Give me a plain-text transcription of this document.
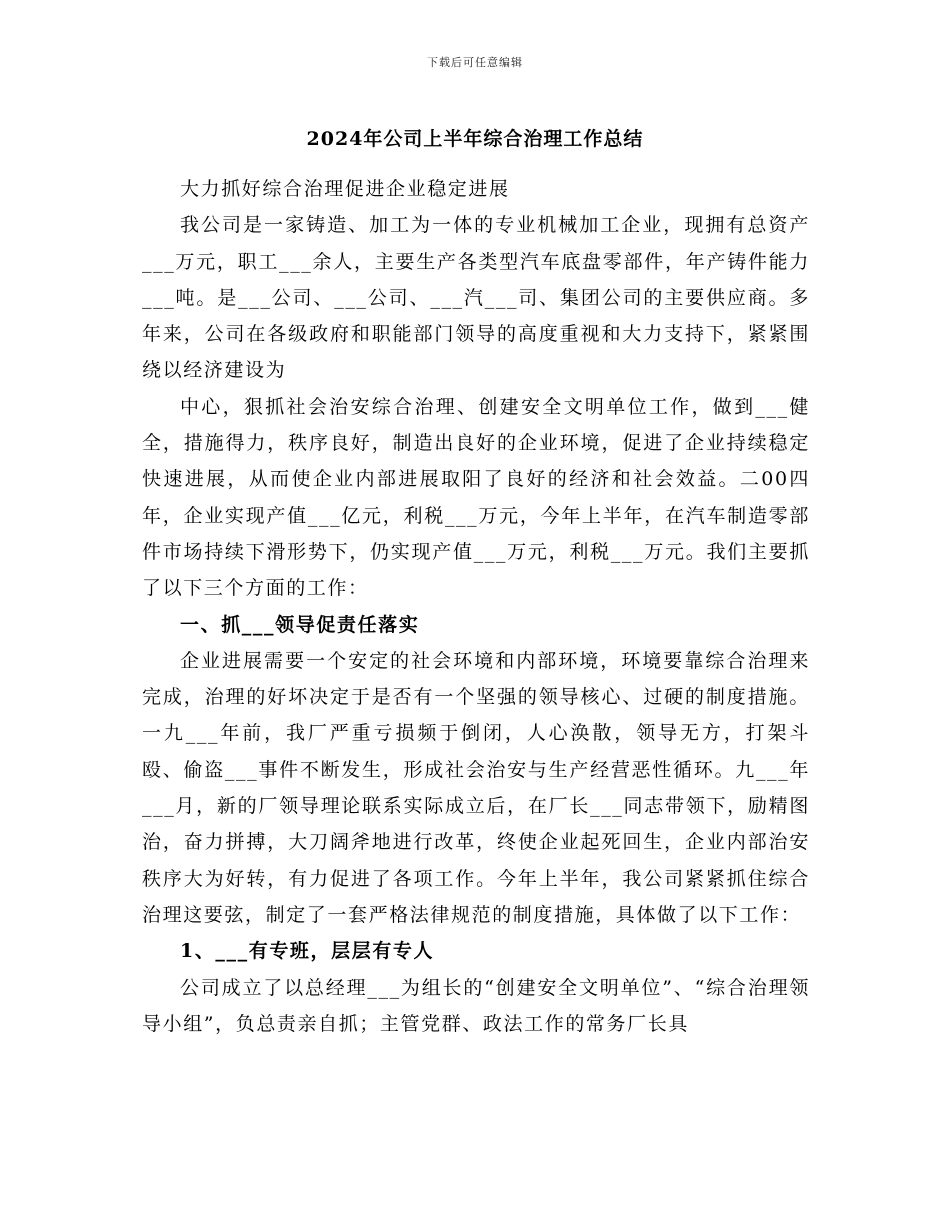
下载后可任意编辑
2024年公司上半年综合治理工作总结

大力抓好综合治理促进企业稳定进展

我公司是一家铸造、加工为一体的专业机械加工企业，现拥有总资产___万元，职工___余人，主要生产各类型汽车底盘零部件，年产铸件能力___吨。是___公司、___公司、___汽___司、集团公司的主要供应商。多年来，公司在各级政府和职能部门领导的高度重视和大力支持下，紧紧围绕以经济建设为

中心，狠抓社会治安综合治理、创建安全文明单位工作，做到___健全，措施得力，秩序良好，制造出良好的企业环境，促进了企业持续稳定快速进展，从而使企业内部进展取阳了良好的经济和社会效益。二00四年，企业实现产值___亿元，利税___万元，今年上半年，在汽车制造零部件市场持续下滑形势下，仍实现产值___万元，利税___万元。我们主要抓了以下三个方面的工作：

一、抓___领导促责任落实

企业进展需要一个安定的社会环境和内部环境，环境要靠综合治理来完成，治理的好坏决定于是否有一个坚强的领导核心、过硬的制度措施。一九___年前，我厂严重亏损频于倒闭，人心涣散，领导无方，打架斗殴、偷盗___事件不断发生，形成社会治安与生产经营恶性循环。九___年___月，新的厂领导理论联系实际成立后，在厂长___同志带领下，励精图治，奋力拼搏，大刀阔斧地进行改革，终使企业起死回生，企业内部治安秩序大为好转，有力促进了各项工作。今年上半年，我公司紧紧抓住综合治理这要弦，制定了一套严格法律规范的制度措施，具体做了以下工作：

1、___有专班，层层有专人

公司成立了以总经理___为组长的“创建安全文明单位”、“综合治理领导小组”，负总责亲自抓；主管党群、政法工作的常务厂长具
